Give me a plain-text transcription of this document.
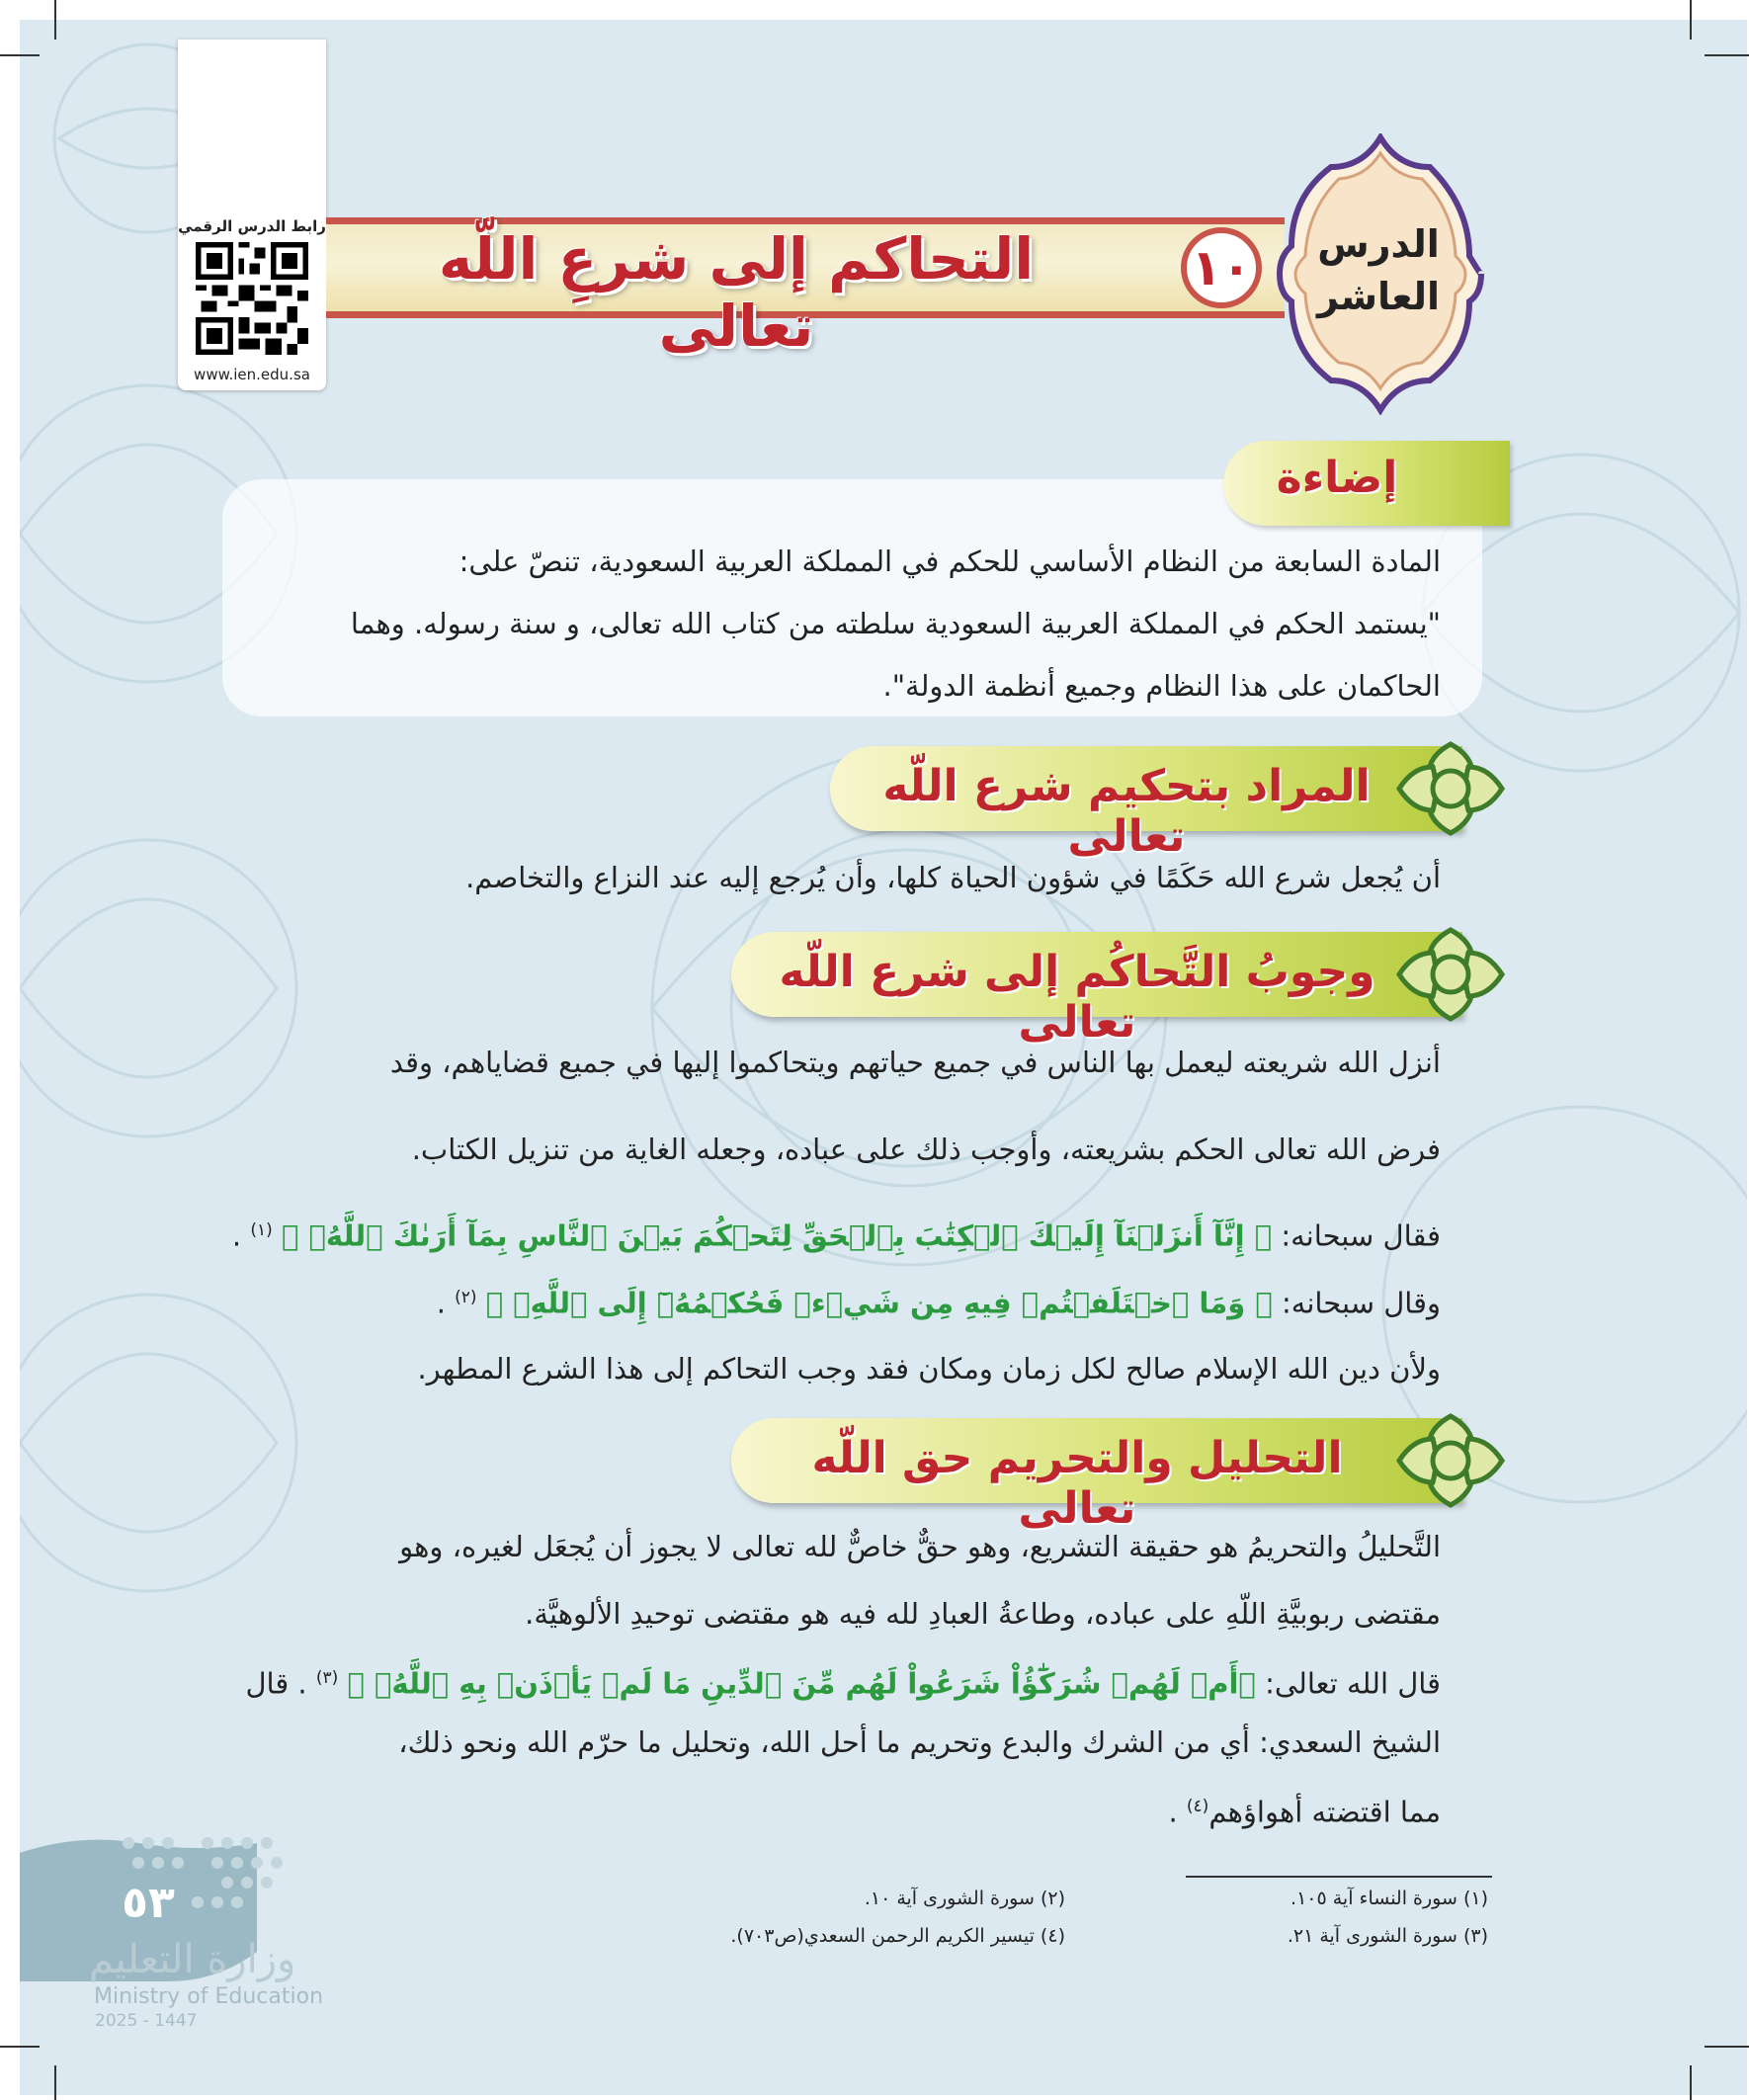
رابط الدرس الرقمي
www.ien.edu.sa
التحاكم إلى شرعِ اللّه تعالى
١٠ الدرس
العاشر
إضاءة
المادة السابعة من النظام الأساسي للحكم في المملكة العربية السعودية، تنصّ على:
"يستمد الحكم في المملكة العربية السعودية سلطته من كتاب الله تعالى، و سنة رسوله. وهما
الحاكمان على هذا النظام وجميع أنظمة الدولة".
المراد بتحكيم شرع اللّه تعالى
أن يُجعل شرع الله حَكَمًا في شؤون الحياة كلها، وأن يُرجع إليه عند النزاع والتخاصم.
وجوبُ التَّحاكُم إلى شرع اللّه تعالى
أنزل الله شريعته ليعمل بها الناس في جميع حياتهم ويتحاكموا إليها في جميع قضاياهم، وقد
فرض الله تعالى الحكم بشريعته، وأوجب ذلك على عباده، وجعله الغاية من تنزيل الكتاب.
فقال سبحانه: ﴿ إِنَّآ أَنزَلۡنَآ إِلَيۡكَ ٱلۡكِتَٰبَ بِٱلۡحَقِّ لِتَحۡكُمَ بَيۡنَ ٱلنَّاسِ بِمَآ أَرَىٰكَ ٱللَّهُۚ ﴾ $^{(١)}$ .
وقال سبحانه: ﴿ وَمَا ٱخۡتَلَفۡتُمۡ فِيهِ مِن شَيۡءٖ فَحُكۡمُهُۥٓ إِلَى ٱللَّهِۚ ﴾ $^{(٢)}$ .
ولأن دين الله الإسلام صالح لكل زمان ومكان فقد وجب التحاكم إلى هذا الشرع المطهر.
التحليل والتحريم حق اللّه تعالى
التَّحليلُ والتحريمُ هو حقيقة التشريع، وهو حقٌّ خاصٌّ لله تعالى لا يجوز أن يُجعَل لغيره، وهو
مقتضى ربوبيَّةِ اللّهِ على عباده، وطاعةُ العبادِ لله فيه هو مقتضى توحيدِ الألوهيَّة.
قال الله تعالى: ﴿أَمۡ لَهُمۡ شُرَكَٰٓؤُاْ شَرَعُواْ لَهُم مِّنَ ٱلدِّينِ مَا لَمۡ يَأۡذَنۢ بِهِ ٱللَّهُۚ ﴾ $^{(٣)}$ . قال
الشيخ السعدي: أي من الشرك والبدع وتحريم ما أحل الله، وتحليل ما حرّم الله ونحو ذلك،
مما اقتضته أهواؤهم$^{(٤)}$ .
(١) سورة النساء آية ١٠٥.
(٢) سورة الشورى آية ١٠.
(٣) سورة الشورى آية ٢١.
(٤) تيسير الكريم الرحمن السعدي(ص٧٠٣).
٥٣
وزارة التعليم
Ministry of Education
2025 - 1447
